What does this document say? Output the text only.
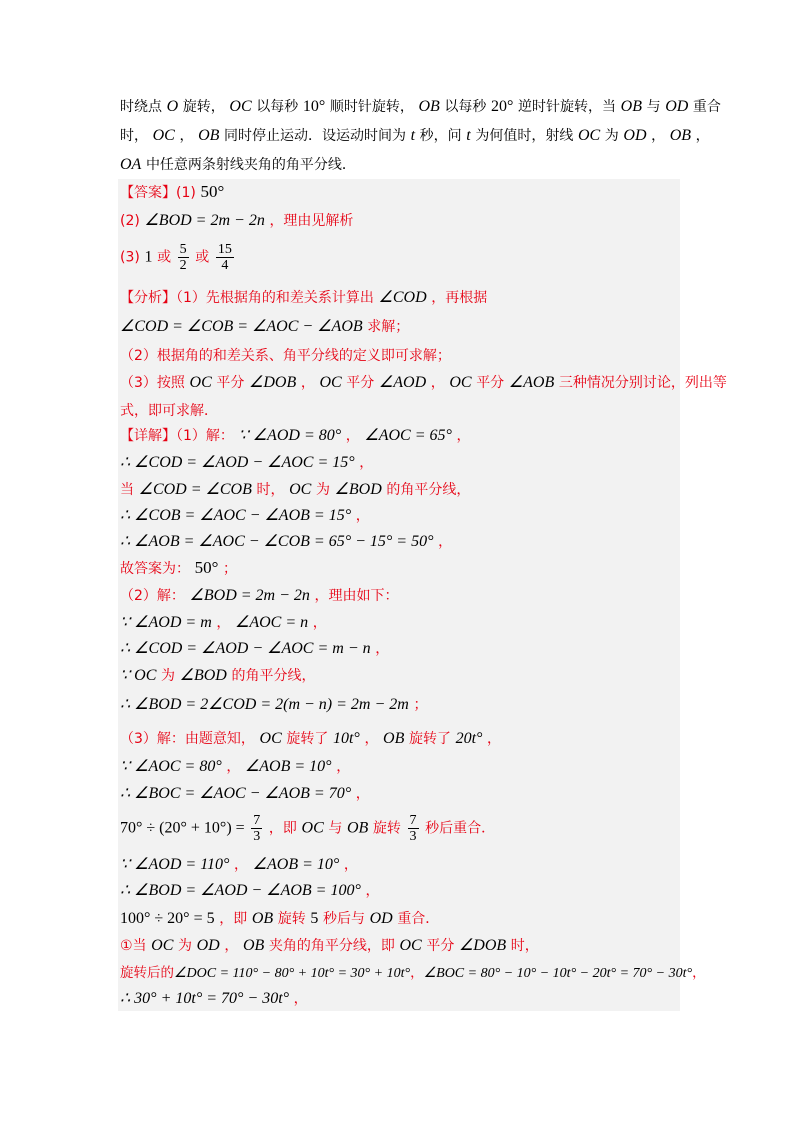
时绕点 O 旋转， OC 以每秒 10° 顺时针旋转， OB 以每秒 20° 逆时针旋转，当 OB 与 OD 重合
时， OC ， OB 同时停止运动．设运动时间为 t 秒，问 t 为何值时，射线 OC 为 OD ， OB ，
OA 中任意两条射线夹角的角平分线．
【答案】(1) 50°
(2) ∠BOD = 2m − 2n ，理由见解析
(3) 1 或 $\frac{5}{2}$ 或 $\frac{15}{4}$
【分析】（1）先根据角的和差关系计算出 ∠COD ，再根据
∠COD = ∠COB = ∠AOC − ∠AOB 求解；
（2）根据角的和差关系、角平分线的定义即可求解；
（3）按照 OC 平分 ∠DOB ， OC 平分 ∠AOD ， OC 平分 ∠AOB 三种情况分别讨论，列出等
式，即可求解．
【详解】（1）解： ∵ ∠AOD = 80° ， ∠AOC = 65° ，
∴ ∠COD = ∠AOD − ∠AOC = 15° ，
当 ∠COD = ∠COB 时， OC 为 ∠BOD 的角平分线，
∴ ∠COB = ∠AOC − ∠AOB = 15° ，
∴ ∠AOB = ∠AOC − ∠COB = 65° − 15° = 50° ，
故答案为： 50° ；
（2）解： ∠BOD = 2m − 2n ，理由如下：
∵ ∠AOD = m ， ∠AOC = n ，
∴ ∠COD = ∠AOD − ∠AOC = m − n ，
∵ OC 为 ∠BOD 的角平分线，
∴ ∠BOD = 2∠COD = 2(m − n) = 2m − 2m ；
（3）解：由题意知， OC 旋转了 10t° ， OB 旋转了 20t° ，
∵ ∠AOC = 80° ， ∠AOB = 10° ，
∴ ∠BOC = ∠AOC − ∠AOB = 70° ，
$70^\circ \div (20^\circ + 10^\circ) = \frac{7}{3}$ ，即 OC 与 OB 旋转 $\frac{7}{3}$ 秒后重合．
∵ ∠AOD = 110° ， ∠AOB = 10° ，
∴ ∠BOD = ∠AOD − ∠AOB = 100° ，
100° ÷ 20° = 5 ，即 OB 旋转 5 秒后与 OD 重合．
①当 OC 为 OD ， OB 夹角的角平分线，即 OC 平分 ∠DOB 时，
旋转后的∠DOC = 110° − 80° + 10t° = 30° + 10t°，∠BOC = 80° − 10° − 10t° − 20t° = 70° − 30t°，
∴ 30° + 10t° = 70° − 30t° ，
